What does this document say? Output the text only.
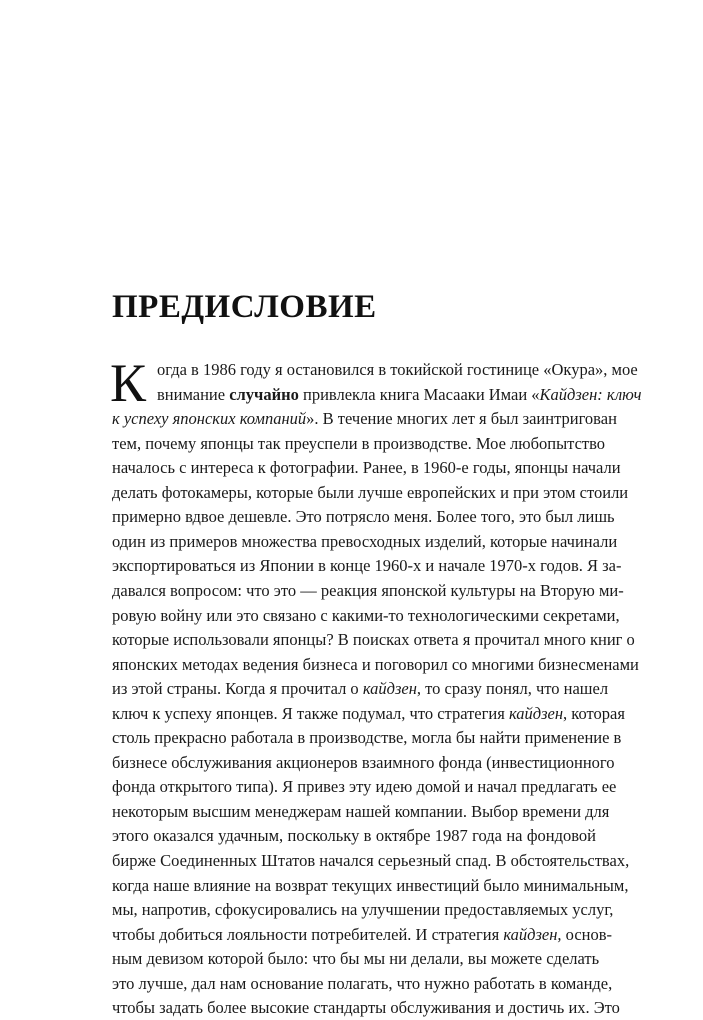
ПРЕДИСЛОВИЕ
К огда в 1986 году я остановился в токийской гостинице «Окура», мое
внимание случайно привлекла книга Масааки Имаи «Кайдзен: ключ
к успеху японских компаний». В течение многих лет я был заинтригован
тем, почему японцы так преуспели в производстве. Мое любопытство
началось с интереса к фотографии. Ранее, в 1960-е годы, японцы начали
делать фотокамеры, которые были лучше европейских и при этом стоили
примерно вдвое дешевле. Это потрясло меня. Более того, это был лишь
один из примеров множества превосходных изделий, которые начинали
экспортироваться из Японии в конце 1960-х и начале 1970-х годов. Я за-
давался вопросом: что это — реакция японской культуры на Вторую ми-
ровую войну или это связано с какими-то технологическими секретами,
которые использовали японцы? В поисках ответа я прочитал много книг о
японских методах ведения бизнеса и поговорил со многими бизнесменами
из этой страны. Когда я прочитал о кайдзен, то сразу понял, что нашел
ключ к успеху японцев. Я также подумал, что стратегия кайдзен, которая
столь прекрасно работала в производстве, могла бы найти применение в
бизнесе обслуживания акционеров взаимного фонда (инвестиционного
фонда открытого типа). Я привез эту идею домой и начал предлагать ее
некоторым высшим менеджерам нашей компании. Выбор времени для
этого оказался удачным, поскольку в октябре 1987 года на фондовой
бирже Соединенных Штатов начался серьезный спад. В обстоятельствах,
когда наше влияние на возврат текущих инвестиций было минимальным,
мы, напротив, сфокусировались на улучшении предоставляемых услуг,
чтобы добиться лояльности потребителей. И стратегия кайдзен, основ-
ным девизом которой было: что бы мы ни делали, вы можете сделать
это лучше, дал нам основание полагать, что нужно работать в команде,
чтобы задать более высокие стандарты обслуживания и достичь их. Это
